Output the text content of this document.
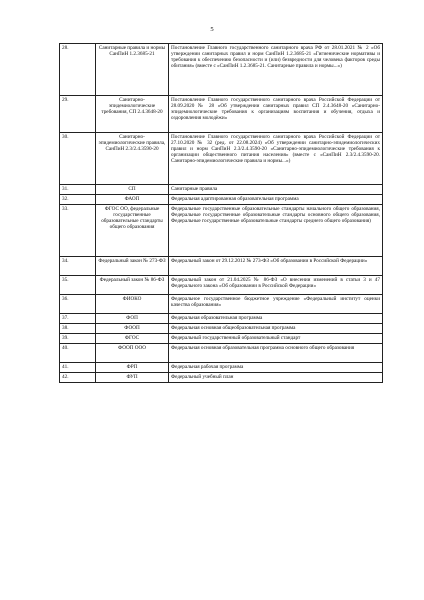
5
28.	Санитарные правила и нормы СанПиН 1.2.3685-21	Постановление Главного государственного санитарного врача РФ от 28.01.2021 № 2 «Об утверждении санитарных правил и норм СанПиН 1.2.3685-21 «Гигиенические нормативы и требования к обеспечению безопасности и (или) безвредности для человека факторов среды обитания» (вместе с «СанПиН 1.2.3685-21. Санитарные правила и нормы...»)
29.	Санитарно-эпидемиологические требования, СП 2.4.3648-20	Постановление Главного государственного санитарного врача Российской Федерации от 28.09.2020 № 28 «Об утверждении санитарных правил СП 2.4.3648-20 «Санитарно-эпидемиологические требования к организациям воспитания и обучения, отдыха и оздоровления молодёжи»
30.	Санитарно-эпидемиологические правила, СанПиН 2.3/2.4.3590-20	Постановление Главного государственного санитарного врача Российской Федерации от 27.10.2020 № 32 (ред. от 22.08.2024) «Об утверждении санитарно-эпидемиологических правил и норм СанПиН 2.3/2.4.3590-20 «Санитарно-эпидемиологические требования к организации общественного питания населения» (вместе с «СанПиН 2.3/2.4.3590-20. Санитарно-эпидемиологические правила и нормы...»)
31.	СП	Санитарные правила
32.	ФАОП	Федеральная адаптированная образовательная программа
33.	ФГОС ОО, федеральные государственные образовательные стандарты общего образования	Федеральные государственные образовательные стандарты начального общего образования, Федеральные государственные образовательные стандарты основного общего образования, Федеральные государственные образовательные стандарты среднего общего образования)
34.	Федеральный закон № 273-ФЗ	Федеральный закон от 29.12.2012 № 273-ФЗ «Об образовании в Российской Федерации»
35.	Федеральный закон № 86-ФЗ	Федеральный закон от 21.04.2025 № 86-ФЗ «О внесении изменений в статьи 3 и 47 Федерального закона «Об образовании в Российской Федерации»
36.	ФИОКО	Федеральное государственное бюджетное учреждение «Федеральный институт оценки качества образования»
37.	ФОП	Федеральная образовательная программа
38.	ФООП	Федеральная основная общеобразовательная программа
39.	ФГОС	Федеральный государственный образовательный стандарт
40.	ФООП ООО	Федеральная основная образовательная программа основного общего образования
41.	ФРП	Федеральная рабочая программа
42.	ФУП	Федеральный учебный план
